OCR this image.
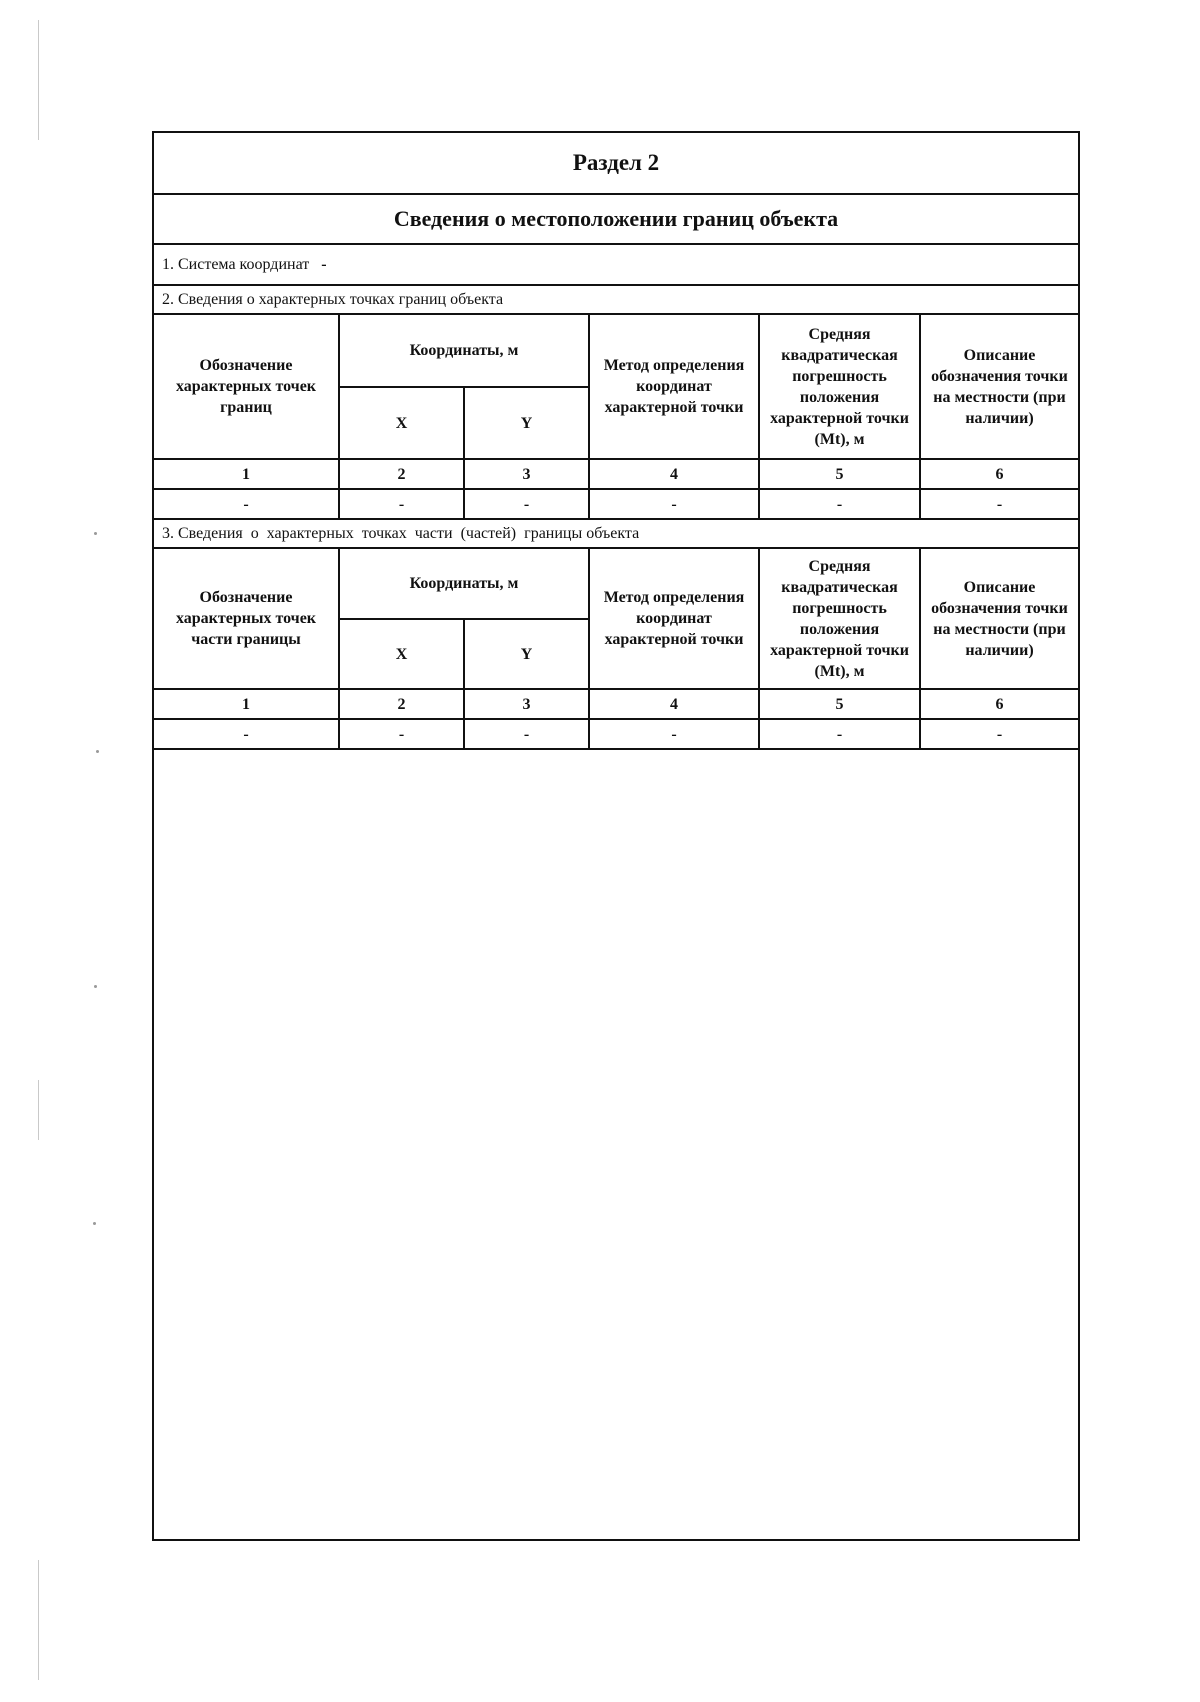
Раздел 2
Сведения о местоположении границ объекта
1. Система координат -
2. Сведения о характерных точках границ объекта
Обозначение характерных точек границ	Координаты, м		Метод определения координат характерной точки	Средняя квадратическая погрешность положения характерной точки (Mt), м	Описание обозначения точки на местности (при наличии)
	X	Y			
1	2	3	4	5	6
-	-	-	-	-	-
3. Сведения  о  характерных  точках  части  (частей)  границы объекта
Обозначение характерных точек части границы	Координаты, м		Метод определения координат характерной точки	Средняя квадратическая погрешность положения характерной точки (Mt), м	Описание обозначения точки на местности (при наличии)
	X	Y			
1	2	3	4	5	6
-	-	-	-	-	-
